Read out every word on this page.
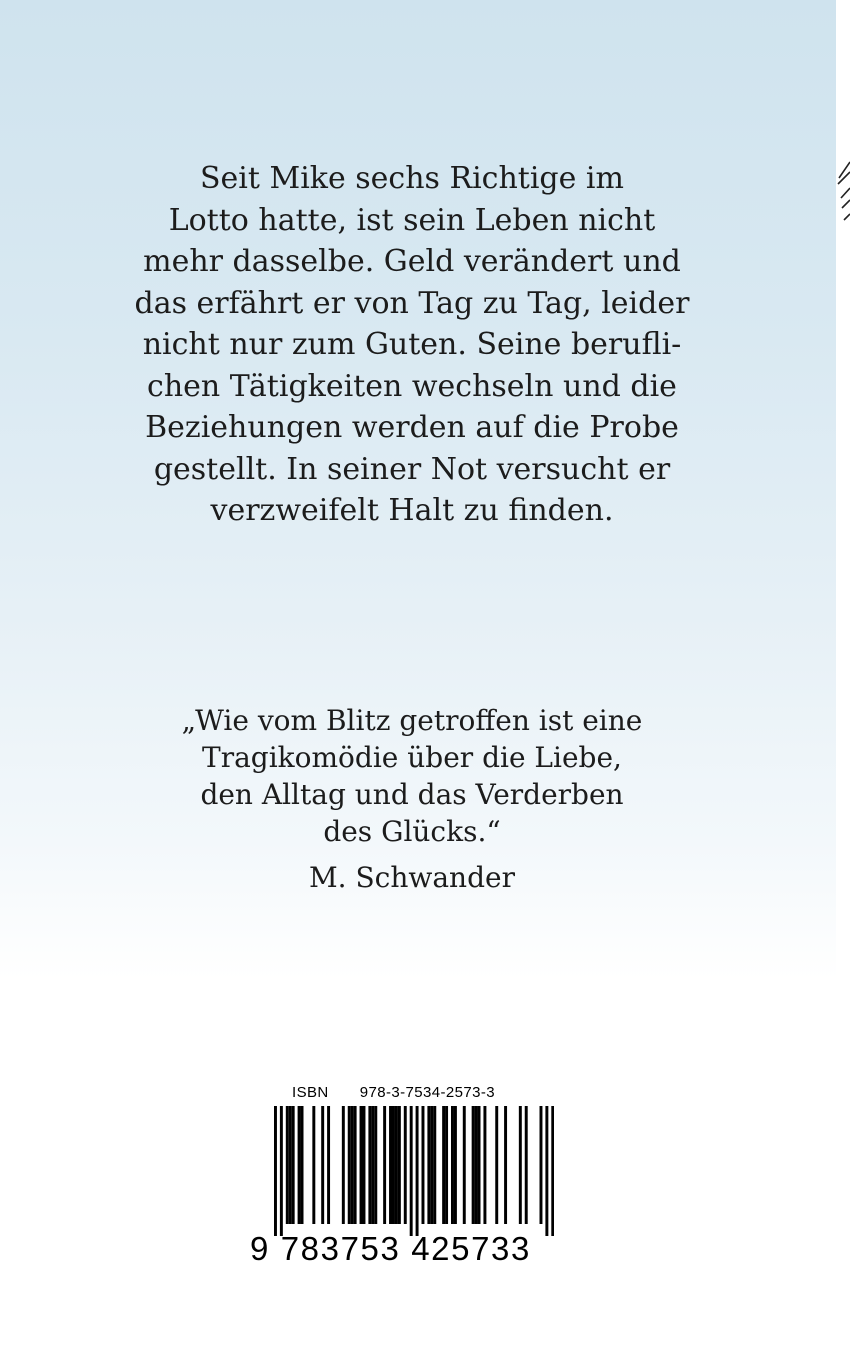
Seit Mike sechs Richtige im
Lotto hatte, ist sein Leben nicht
mehr dasselbe. Geld verändert und
das erfährt er von Tag zu Tag, leider
nicht nur zum Guten. Seine berufli-
chen Tätigkeiten wechseln und die
Beziehungen werden auf die Probe
gestellt. In seiner Not versucht er
verzweifelt Halt zu finden.
„Wie vom Blitz getroffen ist eine
Tragikomödie über die Liebe,
den Alltag und das Verderben
des Glücks.“
M. Schwander
ISBN 978-3-7534-2573-3
9 783753 425733
